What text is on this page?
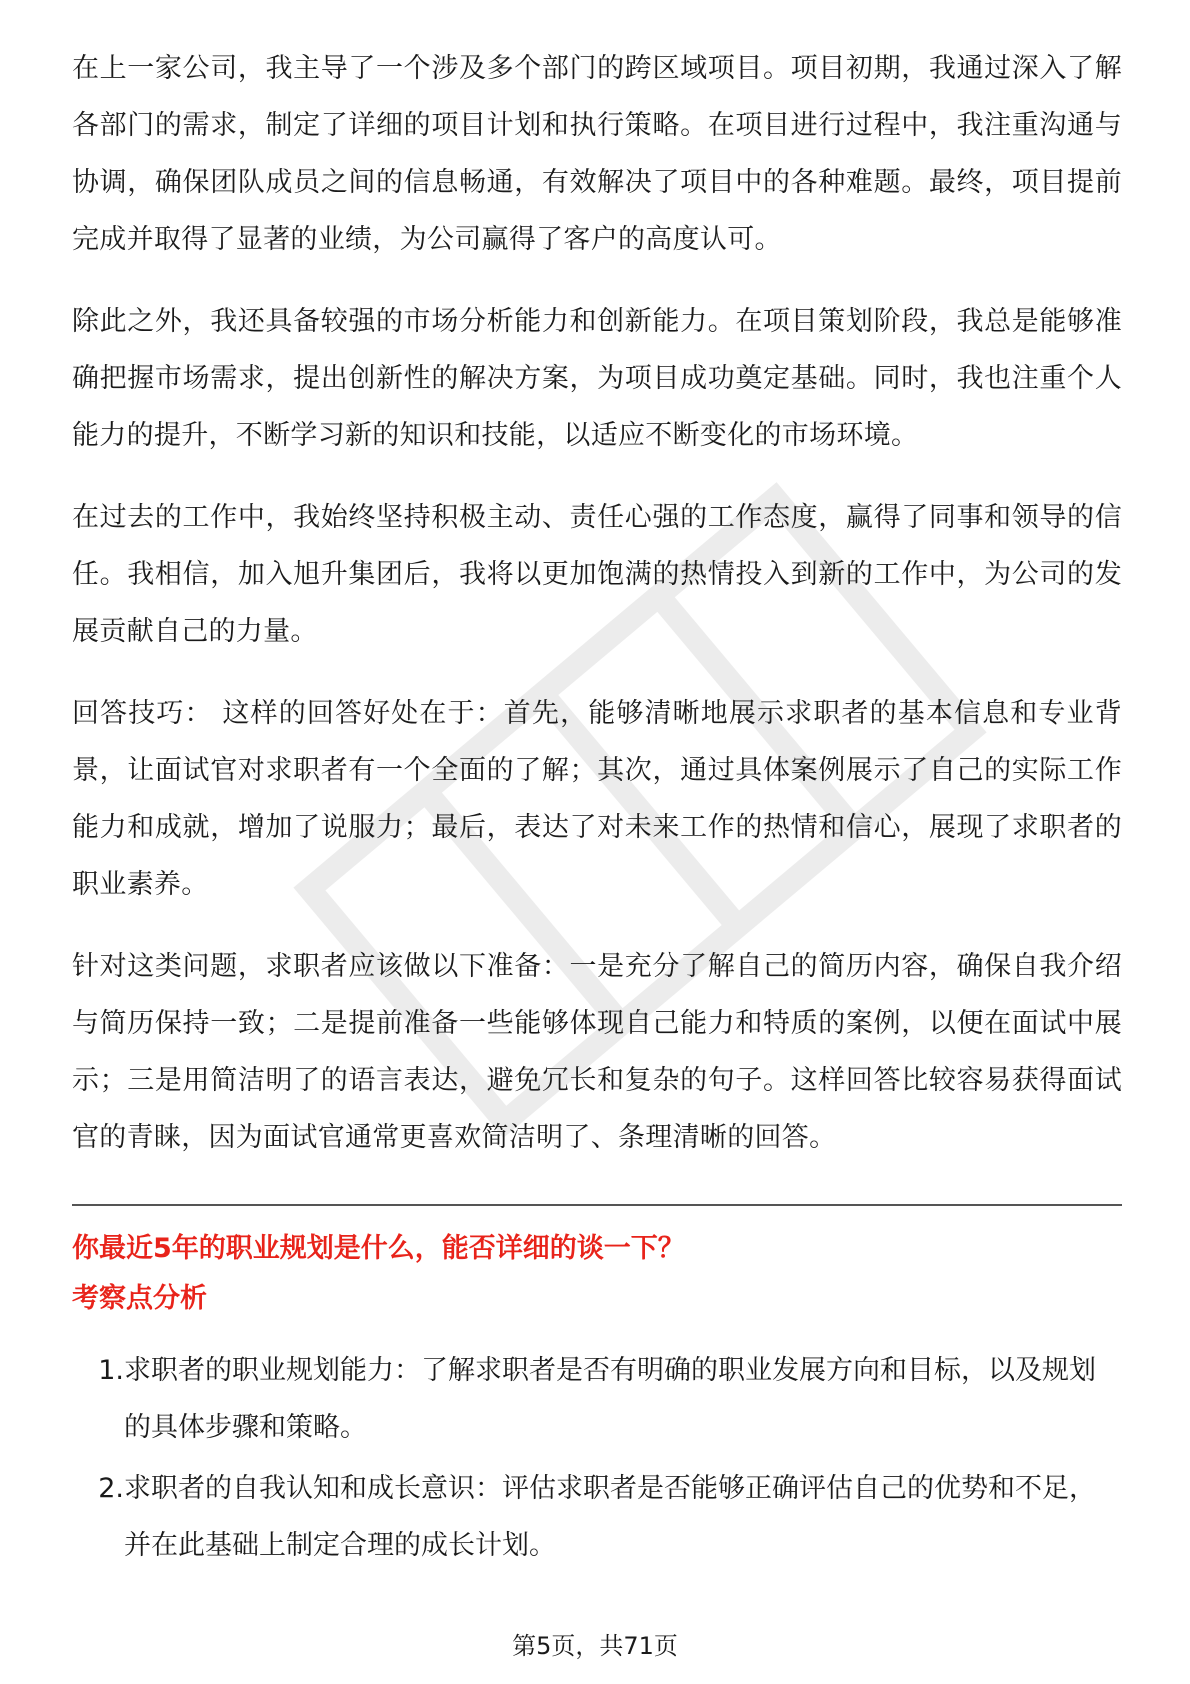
在上一家公司，我主导了一个涉及多个部门的跨区域项目。项目初期，我通过深入了解各部门的需求，制定了详细的项目计划和执行策略。在项目进行过程中，我注重沟通与协调，确保团队成员之间的信息畅通，有效解决了项目中的各种难题。最终，项目提前完成并取得了显著的业绩，为公司赢得了客户的高度认可。

除此之外，我还具备较强的市场分析能力和创新能力。在项目策划阶段，我总是能够准确把握市场需求，提出创新性的解决方案，为项目成功奠定基础。同时，我也注重个人能力的提升，不断学习新的知识和技能，以适应不断变化的市场环境。

在过去的工作中，我始终坚持积极主动、责任心强的工作态度，赢得了同事和领导的信任。我相信，加入旭升集团后，我将以更加饱满的热情投入到新的工作中，为公司的发展贡献自己的力量。

回答技巧： 这样的回答好处在于：首先，能够清晰地展示求职者的基本信息和专业背景，让面试官对求职者有一个全面的了解；其次，通过具体案例展示了自己的实际工作能力和成就，增加了说服力；最后，表达了对未来工作的热情和信心，展现了求职者的职业素养。

针对这类问题，求职者应该做以下准备：一是充分了解自己的简历内容，确保自我介绍与简历保持一致；二是提前准备一些能够体现自己能力和特质的案例，以便在面试中展示；三是用简洁明了的语言表达，避免冗长和复杂的句子。这样回答比较容易获得面试官的青睐，因为面试官通常更喜欢简洁明了、条理清晰的回答。

你最近5年的职业规划是什么，能否详细的谈一下？

考察点分析

1. 求职者的职业规划能力：了解求职者是否有明确的职业发展方向和目标，以及规划的具体步骤和策略。
2. 求职者的自我认知和成长意识：评估求职者是否能够正确评估自己的优势和不足，并在此基础上制定合理的成长计划。
第5页，共71页
